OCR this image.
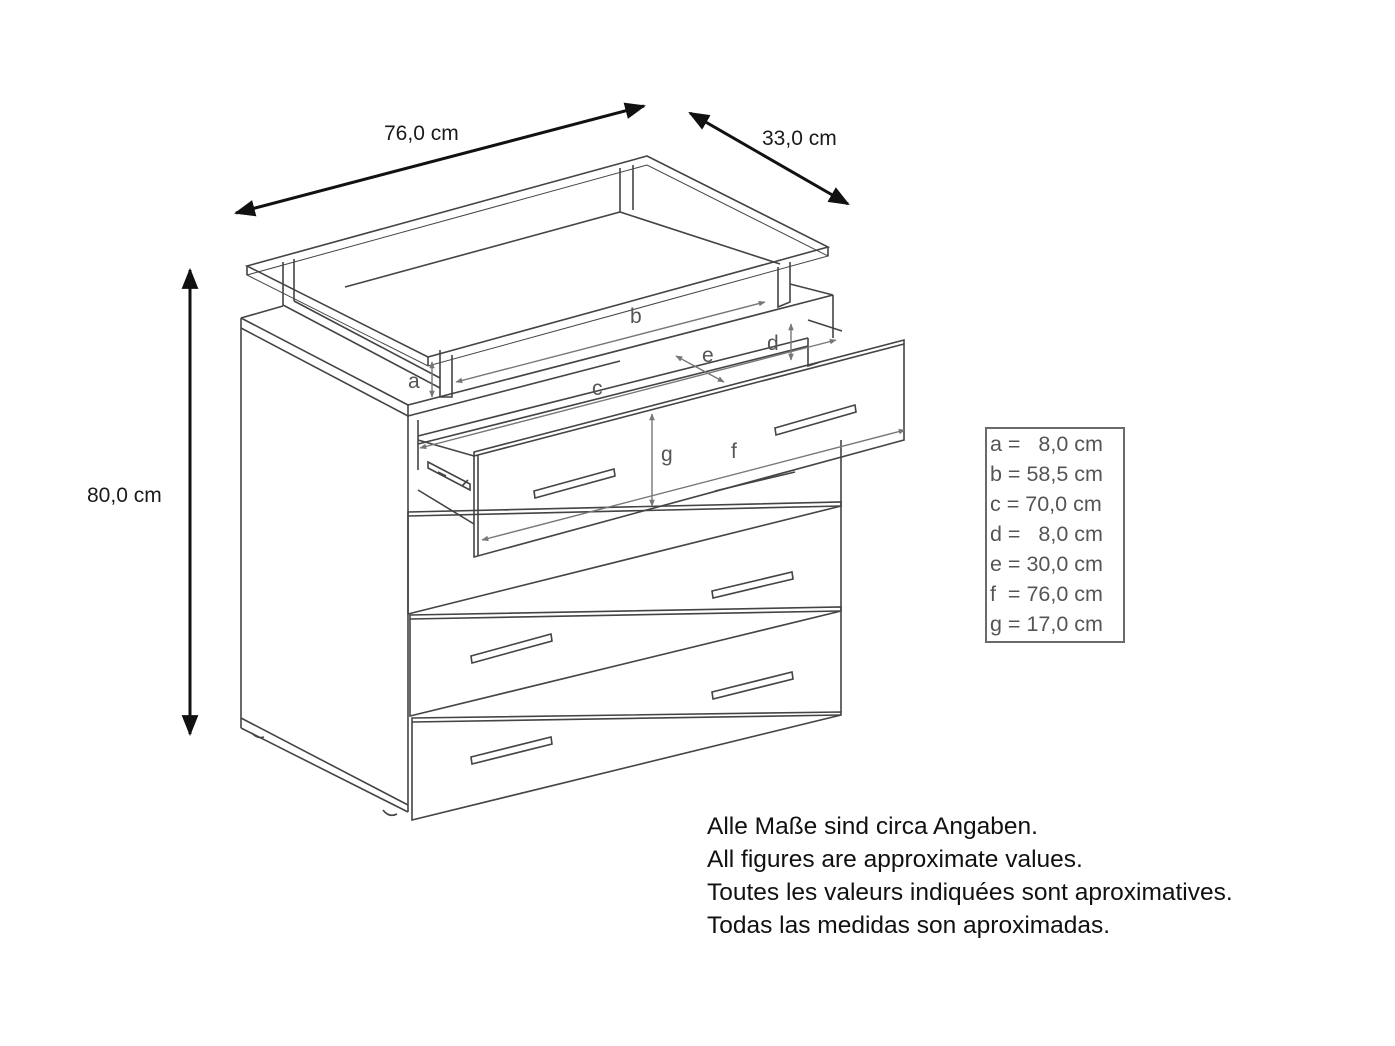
76,0 cm	33,0 cm
80,0 cm
a
b
c
d
e
f
g	a =   8,0 cm
b = 58,5 cm
c = 70,0 cm
d =   8,0 cm
e = 30,0 cm
f  = 76,0 cm
g = 17,0 cm
Alle Maße sind circa Angaben.
All figures are approximate values.
Toutes les valeurs indiquées sont aproximatives.
Todas las medidas son aproximadas.
